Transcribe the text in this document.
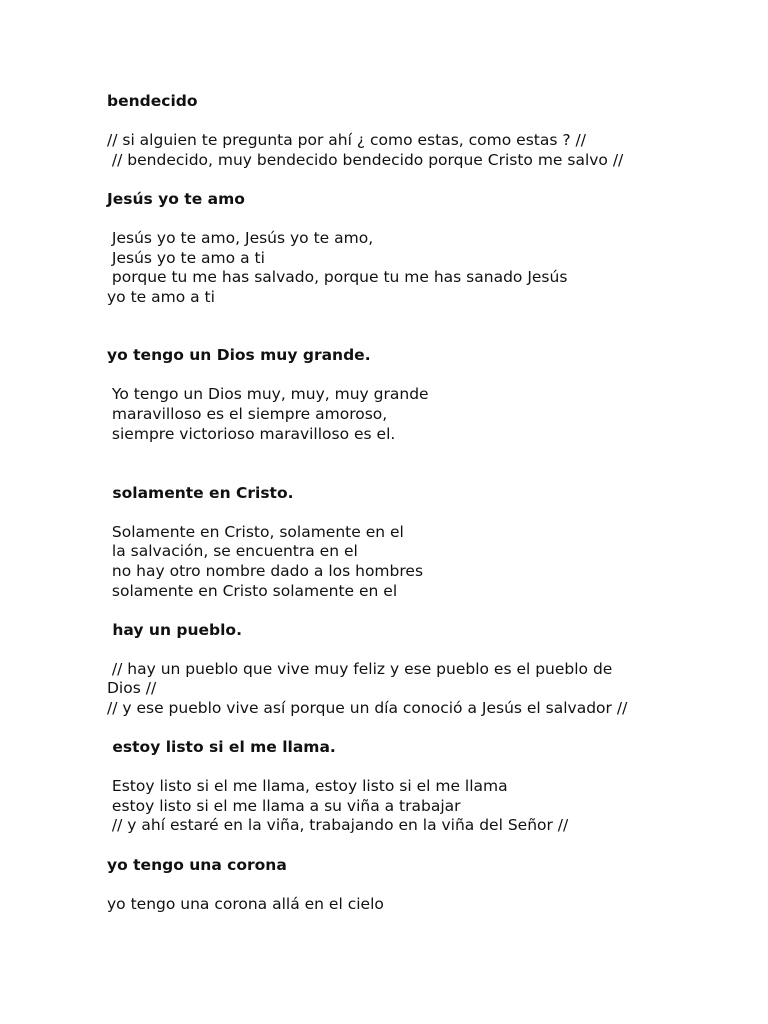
bendecido
// si alguien te pregunta por ahí ¿ como estas, como estas ? //
// bendecido, muy bendecido bendecido porque Cristo me salvo //
Jesús yo te amo
Jesús yo te amo, Jesús yo te amo,
Jesús yo te amo a ti
porque tu me has salvado, porque tu me has sanado Jesús
yo te amo a ti
yo tengo un Dios muy grande.
Yo tengo un Dios muy, muy, muy grande
maravilloso es el siempre amoroso,
siempre victorioso maravilloso es el.
solamente en Cristo.
Solamente en Cristo, solamente en el
la salvación, se encuentra en el
no hay otro nombre dado a los hombres
solamente en Cristo solamente en el
hay un pueblo.
// hay un pueblo que vive muy feliz y ese pueblo es el pueblo de
Dios //
// y ese pueblo vive así porque un día conoció a Jesús el salvador //
estoy listo si el me llama.
Estoy listo si el me llama, estoy listo si el me llama
estoy listo si el me llama a su viña a trabajar
// y ahí estaré en la viña, trabajando en la viña del Señor //
yo tengo una corona
yo tengo una corona allá en el cielo
